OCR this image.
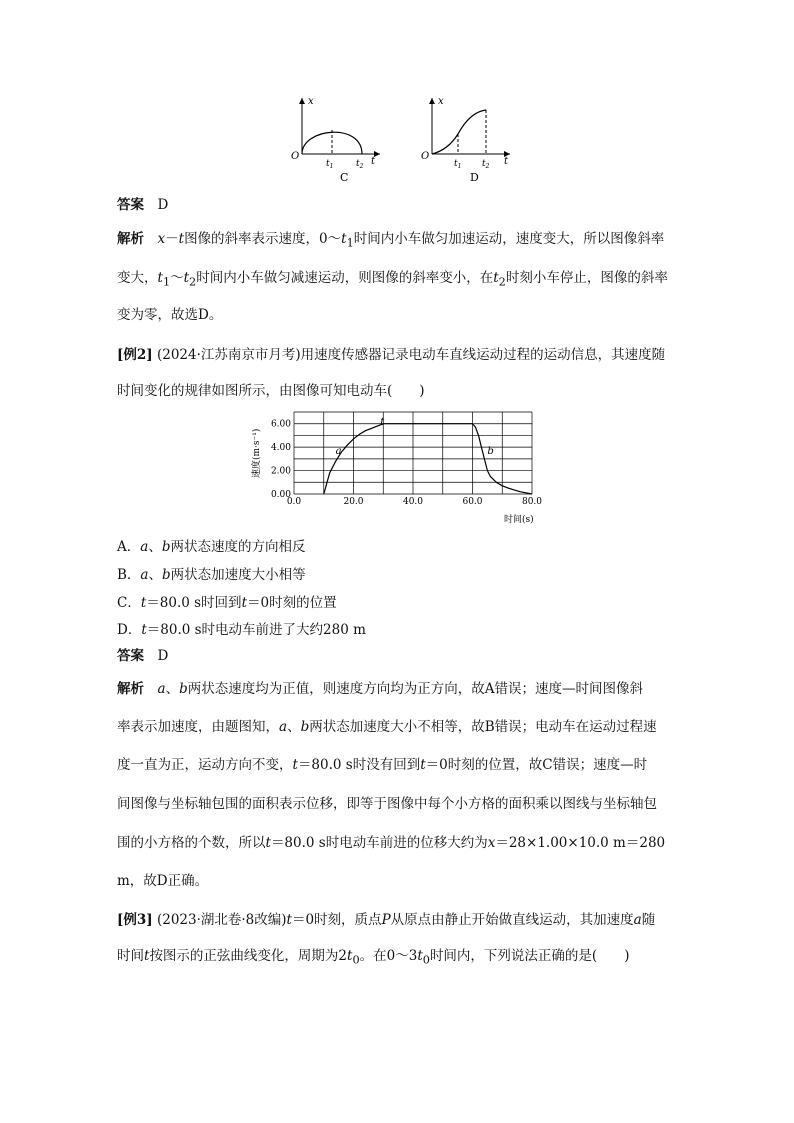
x
O
$t_1$	$t_2$ t
C
x
O
$t_1$ $t_2$ t
D
答案　 D
解析　 x－t图像的斜率表示速度，$0\sim t_1$时间内小车做匀加速运动，速度变大，所以图像斜率
变大，$t_1\sim t_2$时间内小车做匀减速运动，则图像的斜率变小，在$t_2$时刻小车停止，图像的斜率
变为零，故选D。
[例2] (2024·江苏南京市月考)用速度传感器记录电动车直线运动过程的运动信息，其速度随
时间变化的规律如图所示，由图像可知电动车(　　)
0.0	20.0	40.0	60.0	80.0
0.00
2.00
4.00
6.00
a	b
t
速度(m·s⁻¹)
时间(s)
A．a、b两状态速度的方向相反
B．a、b两状态加速度大小相等
C．t＝80.0 s时回到t＝0时刻的位置
D．t＝80.0 s时电动车前进了大约280 m
答案　 D
解析　 a、b两状态速度均为正值，则速度方向均为正方向，故A错误；速度—时间图像斜
率表示加速度，由题图知，a、b两状态加速度大小不相等，故B错误；电动车在运动过程速
度一直为正，运动方向不变，t＝80.0 s时没有回到t＝0时刻的位置，故C错误；速度—时
间图像与坐标轴包围的面积表示位移，即等于图像中每个小方格的面积乘以图线与坐标轴包
围的小方格的个数，所以t＝80.0 s时电动车前进的位移大约为x＝28×1.00×10.0 m＝280
m，故D正确。
[例3] (2023·湖北卷·8改编)t＝0时刻，质点P从原点由静止开始做直线运动，其加速度a随
时间t按图示的正弦曲线变化，周期为$2t_0$。在$0\sim 3t_0$时间内，下列说法正确的是(　　)
